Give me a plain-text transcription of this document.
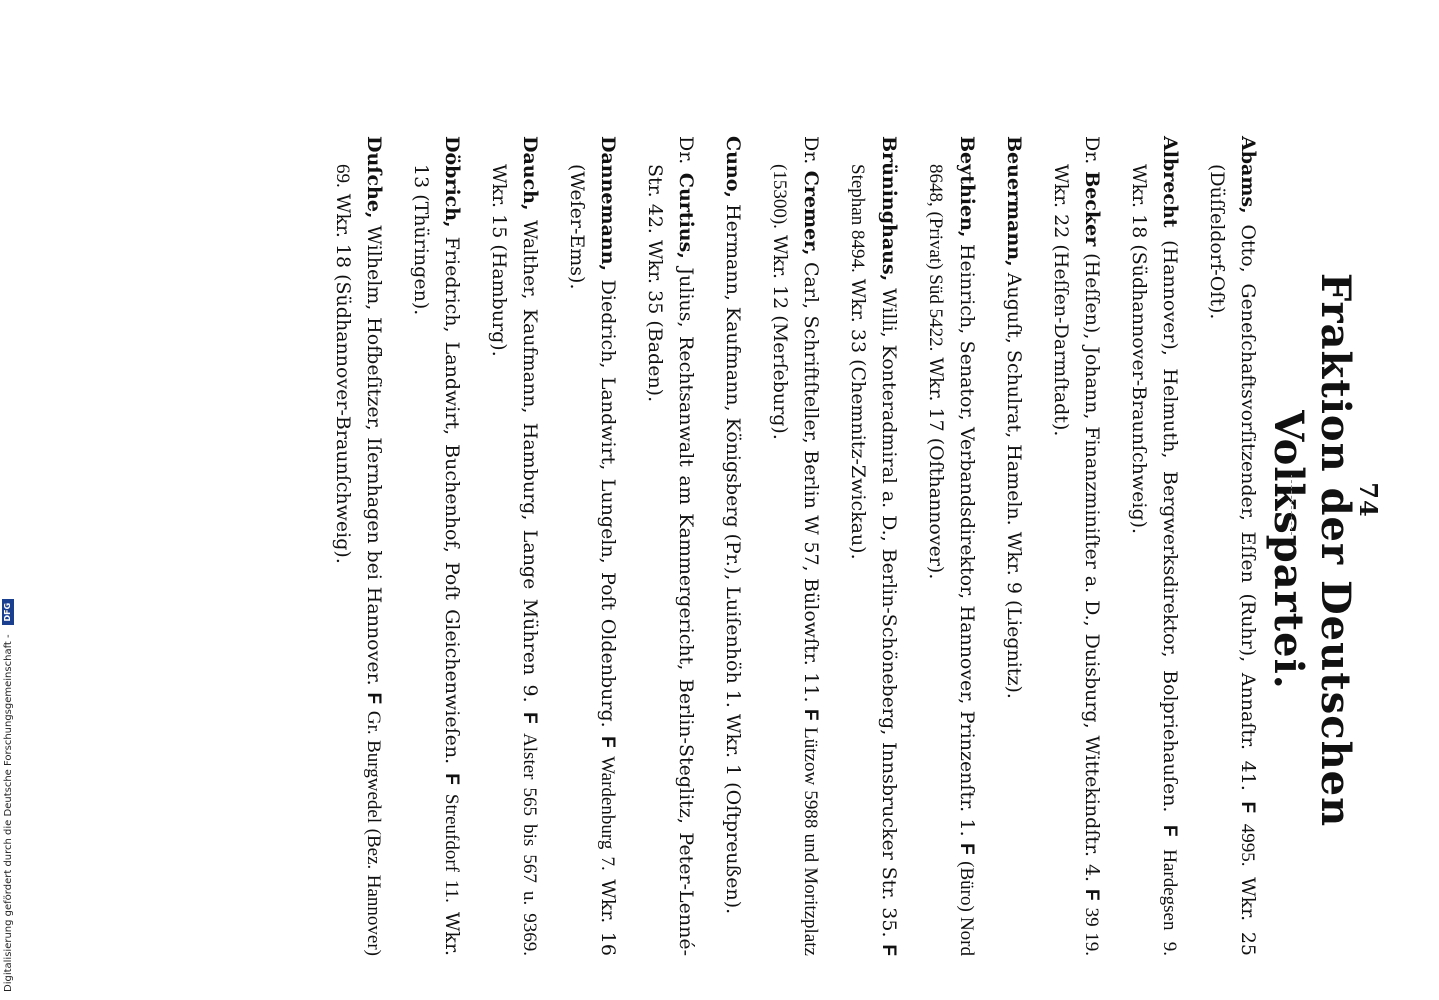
74
Fraktion der Deutschen Volkspartei.
Abams, Otto, Geneſchaftsvorſitzender, Eſſen (Ruhr), Annaſtr. 41. F 4995. Wkr. 25 (Düſſeldorf-Oſt).
Albrecht (Hannover), Helmuth, Bergwerksdirektor, Bolpriehauſen. F Hardegsen 9. Wkr. 18 (Südhannover-Braunſchweig).
Dr. Becker (Heſſen), Johann, Finanzminiſter a. D., Duisburg, Wittekindſtr. 4. F 39 19. Wkr. 22 (Heſſen-Darmſtadt).
Beuermann, Auguſt, Schulrat, Hameln. Wkr. 9 (Liegnitz).
Beythien, Heinrich, Senator, Verbandsdirektor, Hannover, Prinzenſtr. 1. F (Büro) Nord 8648, (Privat) Süd 5422. Wkr. 17 (Oſthannover).
Brüninghaus, Willi, Konteradmiral a. D., Berlin-Schöneberg, Innsbrucker Str. 35. F Stephan 8494. Wkr. 33 (Chemnitz-Zwickau).
Dr. Cremer, Carl, Schriftſteller, Berlin W 57, Bülowſtr. 11. F Lützow 5988 und Moritzplatz (15300). Wkr. 12 (Merſeburg).
Cuno, Hermann, Kaufmann, Königsberg (Pr.), Luiſenhöh 1. Wkr. 1 (Oſtpreußen).
Dr. Curtius, Julius, Rechtsanwalt am Kammergericht, Berlin-Steglitz, Peter-Lenné-Str. 42. Wkr. 35 (Baden).
Dannemann, Diedrich, Landwirt, Lungeln, Poſt Oldenburg. F Wardenburg 7. Wkr. 16 (Weſer-Ems).
Dauch, Walther, Kaufmann, Hamburg, Lange Mühren 9. F Alster 565 bis 567 u. 9369. Wkr. 15 (Hamburg).
Döbrich, Friedrich, Landwirt, Buchenhof, Poſt Gleichenwieſen. F Streufdorf 11. Wkr. 13 (Thüringen).
Duſche, Wilhelm, Hofbeſitzer, Iſernhagen bei Hannover. F Gr. Burgwedel (Bez. Hannover) 69. Wkr. 18 (Südhannover-Braunſchweig).
Digitalisierung gefördert durch die Deutsche Forschungsgemeinschaft - DFG
